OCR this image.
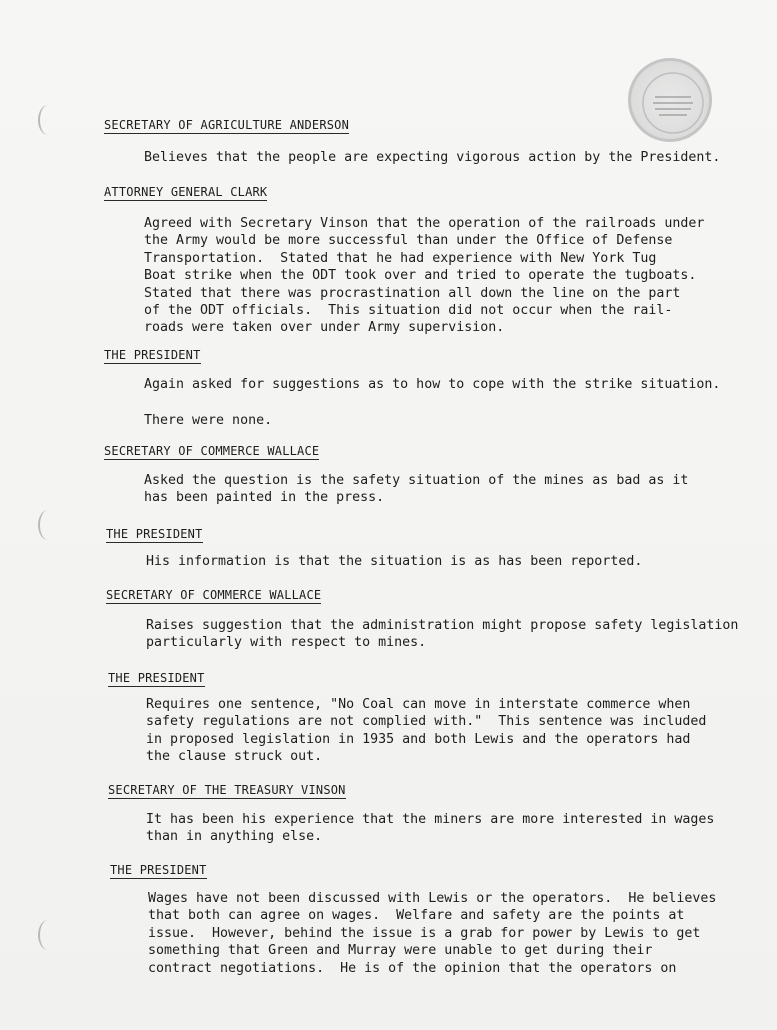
SECRETARY OF AGRICULTURE ANDERSON
Believes that the people are expecting vigorous action by the President.
ATTORNEY GENERAL CLARK
Agreed with Secretary Vinson that the operation of the railroads under
the Army would be more successful than under the Office of Defense
Transportation.  Stated that he had experience with New York Tug
Boat strike when the ODT took over and tried to operate the tugboats.
Stated that there was procrastination all down the line on the part
of the ODT officials.  This situation did not occur when the rail-
roads were taken over under Army supervision.
THE PRESIDENT
Again asked for suggestions as to how to cope with the strike situation.
There were none.
SECRETARY OF COMMERCE WALLACE
Asked the question is the safety situation of the mines as bad as it
has been painted in the press.
THE PRESIDENT
His information is that the situation is as has been reported.
SECRETARY OF COMMERCE WALLACE
Raises suggestion that the administration might propose safety legislation
particularly with respect to mines.
THE PRESIDENT
Requires one sentence, "No Coal can move in interstate commerce when
safety regulations are not complied with."  This sentence was included
in proposed legislation in 1935 and both Lewis and the operators had
the clause struck out.
SECRETARY OF THE TREASURY VINSON
It has been his experience that the miners are more interested in wages
than in anything else.
THE PRESIDENT
Wages have not been discussed with Lewis or the operators.  He believes
that both can agree on wages.  Welfare and safety are the points at
issue.  However, behind the issue is a grab for power by Lewis to get
something that Green and Murray were unable to get during their
contract negotiations.  He is of the opinion that the operators on
